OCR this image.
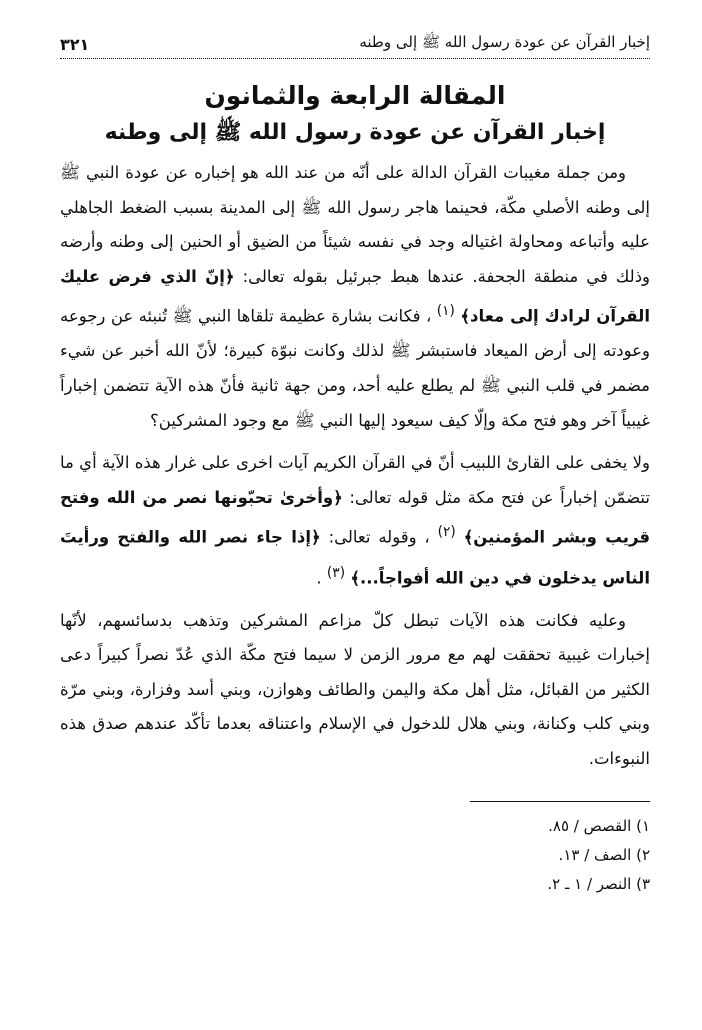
إخبار القرآن عن عودة رسول الله ﷺ إلى وطنه
٣٢١
المقالة الرابعة والثمانون
إخبار القرآن عن عودة رسول الله ﷺ إلى وطنه

ومن جملة مغيبات القرآن الدالة على أنّه من عند الله هو إخباره عن عودة النبي ﷺ إلى وطنه الأصلي مكّة، فحينما هاجر رسول الله ﷺ إلى المدينة بسبب الضغط الجاهلي عليه وأتباعه ومحاولة اغتياله وجد في نفسه شيئاً من الضيق أو الحنين إلى وطنه وأرضه وذلك في منطقة الجحفة. عندها هبط جبرئيل بقوله تعالى: ﴿إنّ الذي فرض عليك القرآن لرادك إلى معاد﴾ $^{(١)}$ ، فكانت بشارة عظيمة تلقاها النبي ﷺ تُنبئه عن رجوعه وعودته إلى أرض الميعاد فاستبشر ﷺ لذلك وكانت نبوّة كبيرة؛ لأنّ الله أخبر عن شيء مضمر في قلب النبي ﷺ لم يطلع عليه أحد، ومن جهة ثانية فأنّ هذه الآية تتضمن إخباراً غيبياً آخر وهو فتح مكة وإلّا كيف سيعود إليها النبي ﷺ مع وجود المشركين؟

ولا يخفى على القارئ اللبيب أنّ في القرآن الكريم آيات اخرى على غرار هذه الآية أي ما تتضمّن إخباراً عن فتح مكة مثل قوله تعالى: ﴿وأخرىٰ تحبّونها نصر من الله وفتح قريب وبشر المؤمنين﴾ $^{(٢)}$ ، وقوله تعالى: ﴿إذا جاء نصر الله والفتح ورأيتَ الناس يدخلون في دين الله أفواجاً...﴾ $^{(٣)}$ .

وعليه فكانت هذه الآيات تبطل كلّ مزاعم المشركين وتذهب بدسائسهم، لأنّها إخبارات غيبية تحققت لهم مع مرور الزمن لا سيما فتح مكّة الذي عُدّ نصراً كبيراً دعى الكثير من القبائل، مثل أهل مكة واليمن والطائف وهوازن، وبني أسد وفزارة، وبني مرّة وبني كلب وكنانة، وبني هلال للدخول في الإسلام واعتناقه بعدما تأكّد عندهم صدق هذه النبوءات.

١) القصص / ٨٥.
٢) الصف / ١٣.
٣) النصر / ١ ـ ٢.
